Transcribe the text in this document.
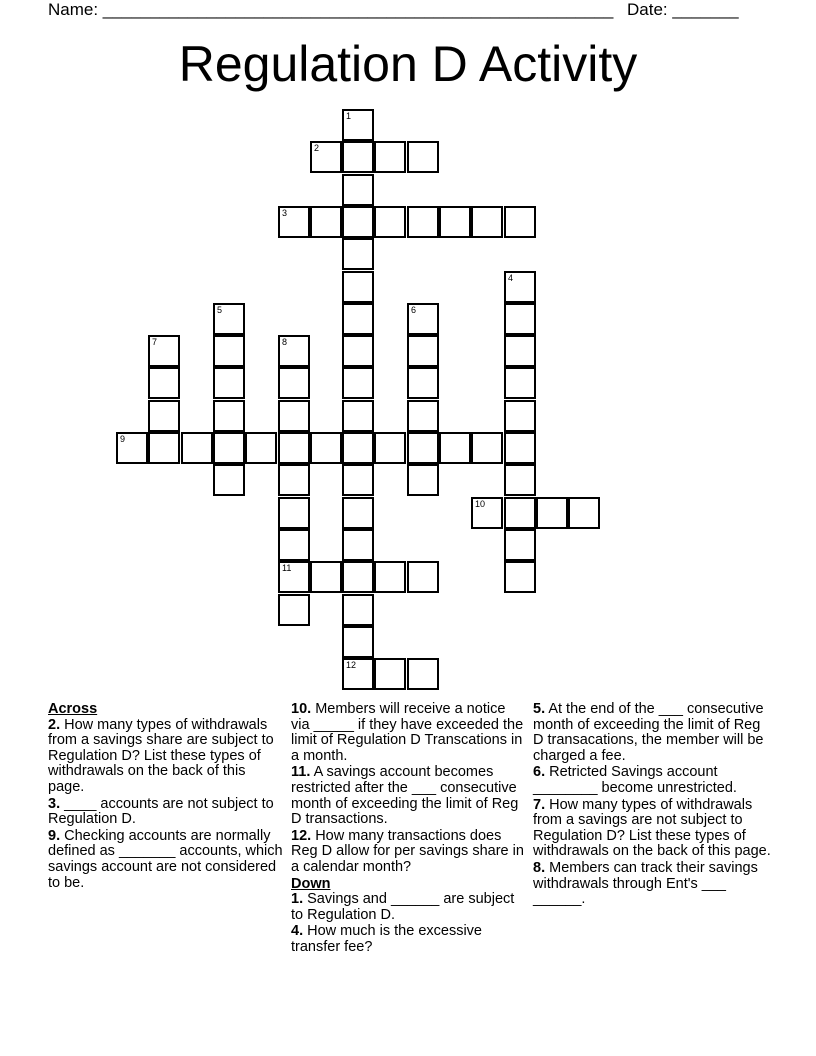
Name: ______________________________________________________ Date: _______
Regulation D Activity
1
2
3
4
5	6
7	8
9
10
11
12
Across
2. How many types of withdrawals from a savings share are subject to Regulation D? List these types of withdrawals on the back of this page.
3. ____ accounts are not subject to Regulation D.
9. Checking accounts are normally defined as _______ accounts, which savings account are not considered to be.
10. Members will receive a notice via _____ if they have exceeded the limit of Regulation D Transcations in a month.
11. A savings account becomes restricted after the ___ consecutive month of exceeding the limit of Reg D transactions.
12. How many transactions does Reg D allow for per savings share in a calendar month?
Down
1. Savings and ______ are subject to Regulation D.
4. How much is the excessive transfer fee?
5. At the end of the ___ consecutive month of exceeding the limit of Reg D transacations, the member will be charged a fee.
6. Retricted Savings account ________ become unrestricted.
7. How many types of withdrawals from a savings are not subject to Regulation D? List these types of withdrawals on the back of this page.
8. Members can track their savings withdrawals through Ent's ___ ______.
